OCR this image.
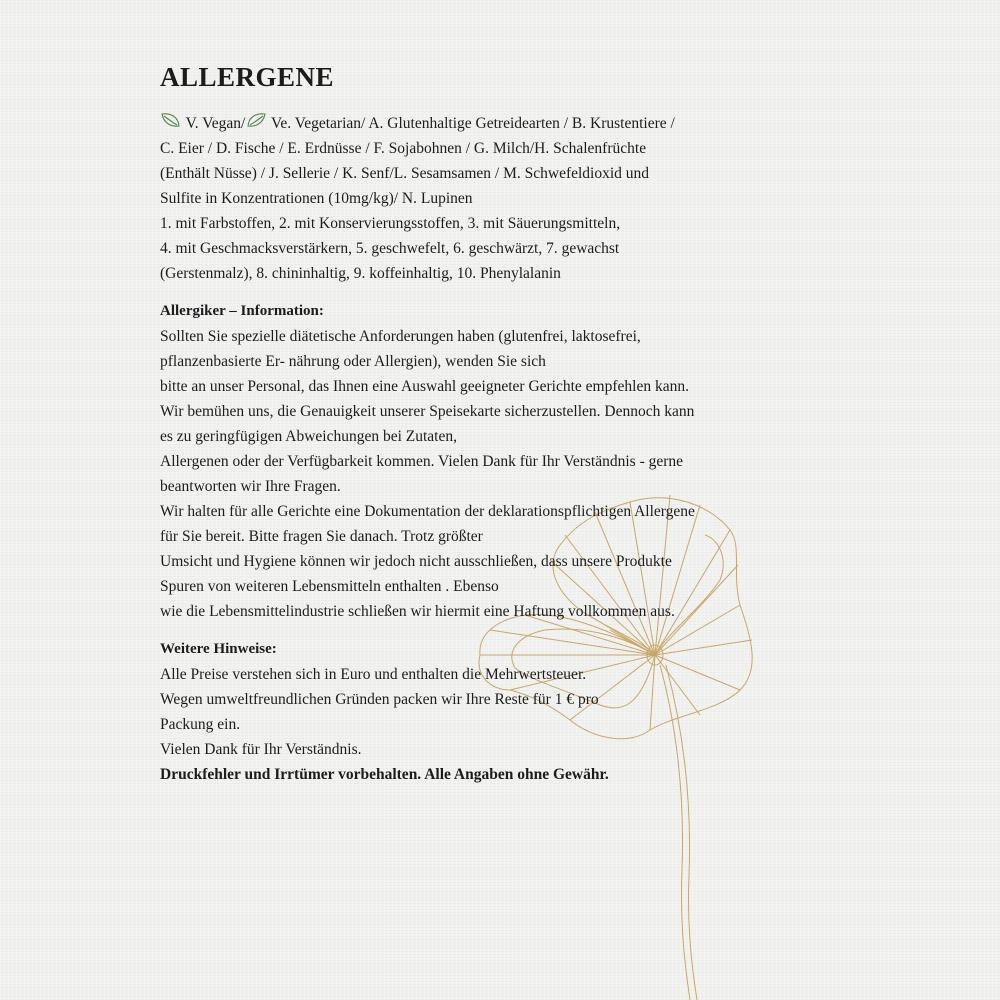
ALLERGENE

V. Vegan/ Ve. Vegetarian/ A. Glutenhaltige Getreidearten / B. Krustentiere /

C. Eier / D. Fische / E. Erdnüsse / F. Sojabohnen / G. Milch/H. Schalenfrüchte
(Enthält Nüsse) / J. Sellerie / K. Senf/L. Sesamsamen / M. Schwefeldioxid und
Sulfite in Konzentrationen (10mg/kg)/ N. Lupinen
1. mit Farbstoffen, 2. mit Konservierungsstoffen, 3. mit Säuerungsmitteln,
4. mit Geschmacksverstärkern, 5. geschwefelt, 6. geschwärzt, 7. gewachst
(Gerstenmalz), 8. chininhaltig, 9. koffeinhaltig, 10. Phenylalanin
Allergiker – Information:
Sollten Sie spezielle diätetische Anforderungen haben (glutenfrei, laktosefrei,
pflanzenbasierte Er- nährung oder Allergien), wenden Sie sich
bitte an unser Personal, das Ihnen eine Auswahl geeigneter Gerichte empfehlen kann.
Wir bemühen uns, die Genauigkeit unserer Speisekarte sicherzustellen. Dennoch kann
es zu geringfügigen Abweichungen bei Zutaten,
Allergenen oder der Verfügbarkeit kommen. Vielen Dank für Ihr Verständnis - gerne
beantworten wir Ihre Fragen.
Wir halten für alle Gerichte eine Dokumentation der deklarationspflichtigen Allergene
für Sie bereit. Bitte fragen Sie danach. Trotz größter
Umsicht und Hygiene können wir jedoch nicht ausschließen, dass unsere Produkte
Spuren von weiteren Lebensmitteln enthalten . Ebenso
wie die Lebensmittelindustrie schließen wir hiermit eine Haftung vollkommen aus.
Weitere Hinweise:
Alle Preise verstehen sich in Euro und enthalten die Mehrwertsteuer.
Wegen umweltfreundlichen Gründen packen wir Ihre Reste für 1 € pro
Packung ein.
Vielen Dank für Ihr Verständnis.
Druckfehler und Irrtümer vorbehalten. Alle Angaben ohne Gewähr.
